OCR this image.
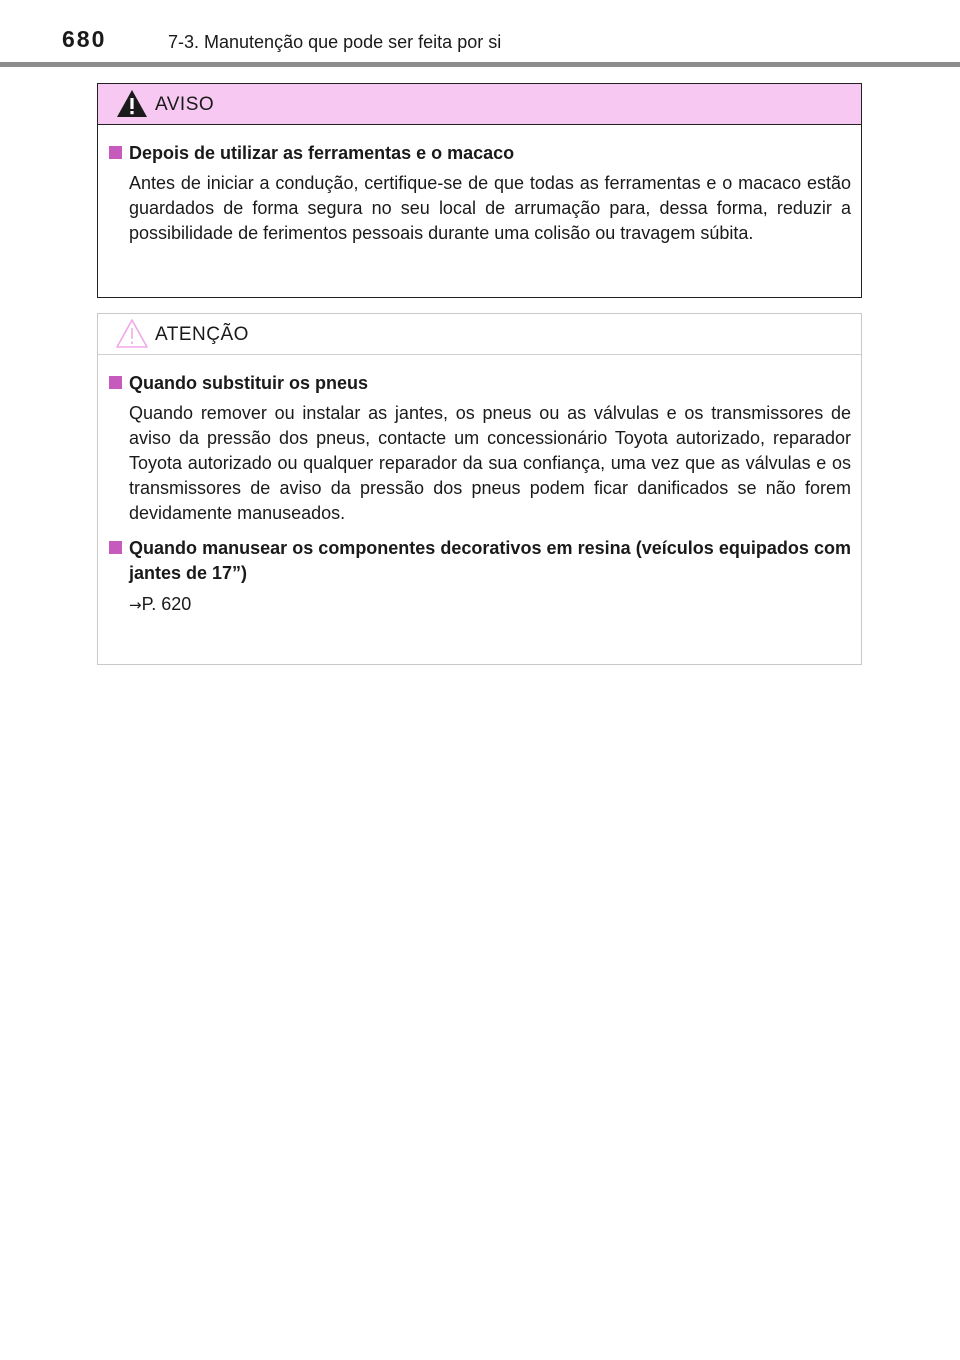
680	7-3. Manutenção que pode ser feita por si
AVISO
Depois de utilizar as ferramentas e o macaco
Antes de iniciar a condução, certifique-se de que todas as ferramentas e o macaco estão guardados de forma segura no seu local de arrumação para, dessa forma, reduzir a possibilidade de ferimentos pessoais durante uma colisão ou travagem súbita.
ATENÇÃO
Quando substituir os pneus
Quando remover ou instalar as jantes, os pneus ou as válvulas e os transmissores de aviso da pressão dos pneus, contacte um concessionário Toyota autorizado, reparador Toyota autorizado ou qualquer reparador da sua confiança, uma vez que as válvulas e os transmissores de aviso da pressão dos pneus podem ficar danificados se não forem devidamente manuseados.
Quando manusear os componentes decorativos em resina (veículos equipados com jantes de 17”)
→P. 620
